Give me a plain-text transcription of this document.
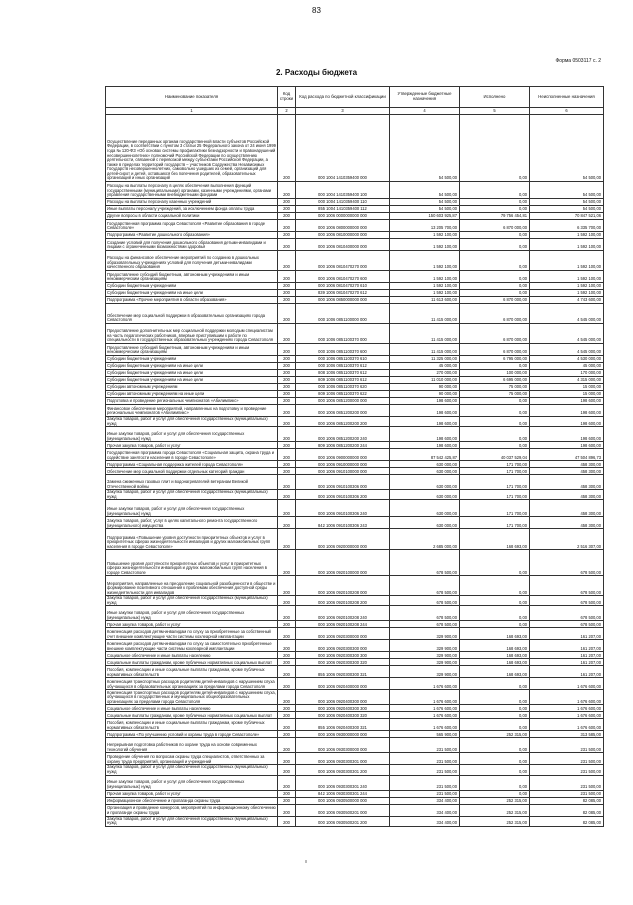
83
Форма 0503117 с. 2
2. Расходы бюджета
Наименование показателя	Код строки	Код расхода по бюджетной классификации	Утвержденные бюджетные назначения	Исполнено	Неисполненные назначения
1	2	3	4	5	6
Осуществление переданных органам государственной власти субъектов Российской Федерации, в соответствии с пунктом 3 статьи 25 Федерального закона от 24 июня 1999 года № 120-ФЗ «Об основах системы профилактики безнадзорности и правонарушений несовершеннолетних» полномочий Российской Федерации по осуществлению деятельности, связанной с перевозкой между субъектами Российской Федерации, а также в пределах территорий государств – участников Содружества Независимых Государств несовершеннолетних, самовольно ушедших из семей, организаций для детей-сирот и детей, оставшихся без попечения родителей, образовательных организаций и иных организаций	200	000 1004 1410359400 000	54 500,00	0,00	54 500,00
Расходы на выплаты персоналу в целях обеспечения выполнения функций государственными (муниципальными) органами, казенными учреждениями, органами управления государственными внебюджетными фондами	200	000 1004 1410359400 100	54 500,00	0,00	54 500,00
Расходы на выплаты персоналу казенных учреждений	200	000 1004 1410359400 110	54 500,00	0,00	54 500,00
Иные выплаты персоналу учреждений, за исключением фонда оплаты труда	200	855 1004 1410359400 112	54 500,00	0,00	54 500,00
Другие вопросы в области социальной политики	200	000 1006 0000000000 000	150 603 925,87	79 756 454,81	70 847 521,06
Государственная программа города Севастополя «Развитие образования в городе Севастополе»	200	000 1006 0800000000 000	13 205 700,00	6 870 000,00	6 335 700,00
Подпрограмма «Развитие дошкольного образования»	200	000 1006 0810000000 000	1 592 100,00	0,00	1 592 100,00
Создание условий для получения дошкольного образования детьми-инвалидами и лицами с ограниченными возможностями здоровья	200	000 1006 0810400000 000	1 592 100,00	0,00	1 592 100,00
Расходы на финансовое обеспечение мероприятий по созданию в дошкольных образовательных учреждениях условий для получения детьми-инвалидами качественного образования	200	000 1006 0810470270 000	1 592 100,00	0,00	1 592 100,00
Предоставление субсидий бюджетным, автономным учреждениям и иным некоммерческим организациям	200	000 1006 0810470270 600	1 592 100,00	0,00	1 592 100,00
Субсидии бюджетным учреждениям	200	000 1006 0810470270 610	1 592 100,00	0,00	1 592 100,00
Субсидии бюджетным учреждениям на иные цели	200	839 1006 0810470270 612	1 592 100,00	0,00	1 592 100,00
Подпрограмма «Прочие мероприятия в области образования»	200	000 1006 0850000000 000	11 613 600,00	6 870 000,00	4 743 600,00
Обеспечение мер социальной поддержки в образовательных организациях города Севастополя	200	000 1006 0851100000 000	11 415 000,00	6 870 000,00	4 545 000,00
Предоставление дополнительных мер социальной поддержки молодым специалистам на часть педагогических работников, впервые приступившим к работе по специальности в государственных образовательных учреждениях города Севастополя	200	000 1006 0851100370 000	11 415 000,00	6 870 000,00	4 545 000,00
Предоставление субсидий бюджетным, автономным учреждениям и иным некоммерческим организациям	200	000 1006 0851100370 600	11 415 000,00	6 870 000,00	4 545 000,00
Субсидии бюджетным учреждениям	200	000 1006 0851100370 610	11 325 000,00	6 795 000,00	4 530 000,00
Субсидии бюджетным учреждениям на иные цели	200	000 1006 0851100370 612	45 000,00	0,00	45 000,00
Субсидии бюджетным учреждениям на иные цели	200	808 1006 0851100370 612	270 000,00	100 000,00	170 000,00
Субсидии бюджетным учреждениям на иные цели	200	809 1006 0851100370 612	11 010 000,00	6 695 000,00	4 315 000,00
Субсидии автономным учреждениям	200	000 1006 0851100370 620	90 000,00	75 000,00	15 000,00
Субсидии автономным учреждениям на иные цели	200	809 1006 0851100370 622	90 000,00	75 000,00	15 000,00
Подготовка и проведение региональных чемпионатов «Абилимпикс»	200	000 1006 0851200000 000	198 600,00	0,00	198 600,00
Финансовое обеспечение мероприятий, направленных на подготовку и проведение региональных чемпионатов «Абилимпикс»	200	000 1006 0851200200 000	198 600,00	0,00	198 600,00
Закупка товаров, работ и услуг для обеспечения государственных (муниципальных) нужд	200	000 1006 0851200200 200	198 600,00	0,00	198 600,00
Иные закупки товаров, работ и услуг для обеспечения государственных (муниципальных) нужд	200	000 1006 0851200200 240	198 600,00	0,00	198 600,00
Прочая закупка товаров, работ и услуг	200	809 1006 0851200200 244	198 600,00	0,00	198 600,00
Государственная программа города Севастополя «Социальная защита, охрана труда и содействие занятости населения в городе Севастополе»	200	000 1006 0900000000 000	87 542 425,87	40 037 529,04	47 504 896,73
Подпрограмма «Социальная поддержка жителей города Севастополя»	200	000 1006 0910000000 000	630 000,00	171 700,00	458 300,00
Обеспечение мер социальной поддержки отдельных категорий граждан	200	000 1006 0910100000 000	630 000,00	171 700,00	458 300,00
Замена сжиженных газовых плит и водонагревателей ветеранам Великой Отечественной войны	200	000 1006 0910100306 000	630 000,00	171 700,00	458 300,00
Закупка товаров, работ и услуг для обеспечения государственных (муниципальных) нужд	200	000 1006 0910100306 200	630 000,00	171 700,00	458 300,00
Иные закупки товаров, работ и услуг для обеспечения государственных (муниципальных) нужд	200	000 1006 0910100306 240	630 000,00	171 700,00	458 300,00
Закупка товаров, работ, услуг в целях капитального ремонта государственного (муниципального) имущества	200	842 1006 0910100306 243	630 000,00	171 700,00	458 300,00
Подпрограмма «Повышение уровня доступности приоритетных объектов и услуг в приоритетных сферах жизнедеятельности инвалидов и других маломобильных групп населения в городе Севастополе»	200	000 1006 0920000000 000	2 685 000,00	168 693,00	2 516 307,00
Повышение уровня доступности приоритетных объектов и услуг в приоритетных сферах жизнедеятельности инвалидов и других маломобильных групп населения в городе Севастополе	200	000 1006 0920100000 000	678 500,00	0,00	678 500,00
Мероприятия, направленные на преодоление социальной разобщенности в обществе и формирование позитивного отношения к проблемам обеспечения доступной среды жизнедеятельности для инвалидов	200	000 1006 0920100208 000	678 500,00	0,00	678 500,00
Закупка товаров, работ и услуг для обеспечения государственных (муниципальных) нужд	200	000 1006 0920100208 200	678 500,00	0,00	678 500,00
Иные закупки товаров, работ и услуг для обеспечения государственных (муниципальных) нужд	200	000 1006 0920100208 240	678 500,00	0,00	678 500,00
Прочая закупка товаров, работ и услуг	200	000 1006 0920100208 244	678 500,00	0,00	678 500,00
Компенсация расходов детям-инвалидам по слуху за приобретенные за собственный счет внешние комплектующие части системы кохлеарной имплантации	200	000 1006 0920300000 000	329 900,00	168 693,00	161 207,00
Компенсация расходов детям-инвалидам по слуху за самостоятельно приобретенные внешние комплектующие части системы кохлеарной имплантации	200	000 1006 0920300300 000	329 900,00	168 693,00	161 207,00
Социальное обеспечение и иные выплаты населению	200	000 1006 0920300300 300	329 900,00	168 693,00	161 207,00
Социальные выплаты гражданам, кроме публичных нормативных социальных выплат	200	000 1006 0920300300 320	329 900,00	168 693,00	161 207,00
Пособия, компенсации и иные социальные выплаты гражданам, кроме публичных нормативных обязательств	200	855 1006 0920300300 321	329 900,00	168 693,00	161 207,00
Компенсация транспортных расходов родителям детей-инвалидов с нарушением слуха обучающихся в образовательных организациях за пределами города Севастополя	200	000 1006 0920400000 000	1 676 600,00	0,00	1 676 600,00
Компенсация транспортных расходов родителям детей-инвалидов с нарушением слуха, обучающихся в государственных и муниципальных общеобразовательных организациях за пределами города Севастополя	200	000 1006 0920400300 000	1 676 600,00	0,00	1 676 600,00
Социальное обеспечение и иные выплаты населению	200	000 1006 0920400300 300	1 676 600,00	0,00	1 676 600,00
Социальные выплаты гражданам, кроме публичных нормативных социальных выплат	200	000 1006 0920400300 320	1 676 600,00	0,00	1 676 600,00
Пособия, компенсации и иные социальные выплаты гражданам, кроме публичных нормативных обязательств	200	855 1006 0920400300 321	1 676 600,00	0,00	1 676 600,00
Подпрограмма «По улучшению условий и охраны труда в городе Севастополе»	200	000 1006 0930000000 000	565 900,00	252 315,00	313 585,00
Непрерывная подготовка работников по охране труда на основе современных технологий обучения	200	000 1006 0930300000 000	231 500,00	0,00	231 500,00
Проведение обучения по вопросам охраны труда специалистов, ответственных за охрану труда предприятий, организаций и учреждений	200	000 1006 0930300301 000	231 500,00	0,00	231 500,00
Закупка товаров, работ и услуг для обеспечения государственных (муниципальных) нужд	200	000 1006 0930300301 200	231 500,00	0,00	231 500,00
Иные закупки товаров, работ и услуг для обеспечения государственных (муниципальных) нужд	200	000 1006 0930300301 240	231 500,00	0,00	231 500,00
Прочая закупка товаров, работ и услуг	200	842 1006 0930300301 244	231 500,00	0,00	231 500,00
Информационное обеспечение и пропаганда охраны труда	200	000 1006 0930500000 000	334 400,00	252 315,00	82 085,00
Организация и проведение конкурсов, мероприятий по информационному обеспечению и пропаганде охраны труда	200	000 1006 0930500201 000	334 400,00	252 315,00	82 085,00
Закупка товаров, работ и услуг для обеспечения государственных (муниципальных) нужд	200	000 1006 0930500201 200	334 400,00	252 315,00	82 085,00
